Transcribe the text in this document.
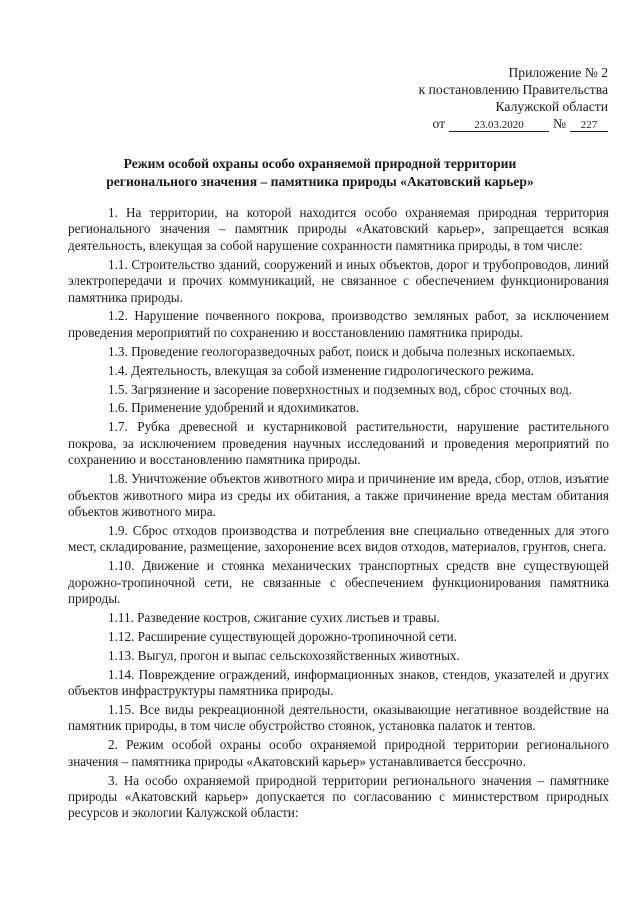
Приложение № 2
к постановлению Правительства
Калужской области
от	23.03.2020	№	227
Режим особой охраны особо охраняемой природной территории
регионального значения – памятника природы «Акатовский карьер»

1. На территории, на которой находится особо охраняемая природная территория регионального значения – памятник природы «Акатовский карьер», запрещается всякая деятельность, влекущая за собой нарушение сохранности памятника природы, в том числе:

1.1. Строительство зданий, сооружений и иных объектов, дорог и трубопроводов, линий электропередачи и прочих коммуникаций, не связанное с обеспечением функционирования памятника природы.

1.2. Нарушение почвенного покрова, производство земляных работ, за исключением проведения мероприятий по сохранению и восстановлению памятника природы.

1.3. Проведение геологоразведочных работ, поиск и добыча полезных ископаемых.

1.4. Деятельность, влекущая за собой изменение гидрологического режима.

1.5. Загрязнение и засорение поверхностных и подземных вод, сброс сточных вод.

1.6. Применение удобрений и ядохимикатов.

1.7. Рубка древесной и кустарниковой растительности, нарушение растительного покрова, за исключением проведения научных исследований и проведения мероприятий по сохранению и восстановлению памятника природы.

1.8. Уничтожение объектов животного мира и причинение им вреда, сбор, отлов, изъятие объектов животного мира из среды их обитания, а также причинение вреда местам обитания объектов животного мира.

1.9. Сброс отходов производства и потребления вне специально отведенных для этого мест, складирование, размещение, захоронение всех видов отходов, материалов, грунтов, снега.

1.10. Движение и стоянка механических транспортных средств вне существующей дорожно-тропиночной сети, не связанные с обеспечением функционирования памятника природы.

1.11. Разведение костров, сжигание сухих листьев и травы.

1.12. Расширение существующей дорожно-тропиночной сети.

1.13. Выгул, прогон и выпас сельскохозяйственных животных.

1.14. Повреждение ограждений, информационных знаков, стендов, указателей и других объектов инфраструктуры памятника природы.

1.15. Все виды рекреационной деятельности, оказывающие негативное воздействие на памятник природы, в том числе обустройство стоянок, установка палаток и тентов.

2. Режим особой охраны особо охраняемой природной территории регионального значения – памятника природы «Акатовский карьер» устанавливается бессрочно.

3. На особо охраняемой природной территории регионального значения – памятнике природы «Акатовский карьер» допускается по согласованию с министерством природных ресурсов и экологии Калужской области:
